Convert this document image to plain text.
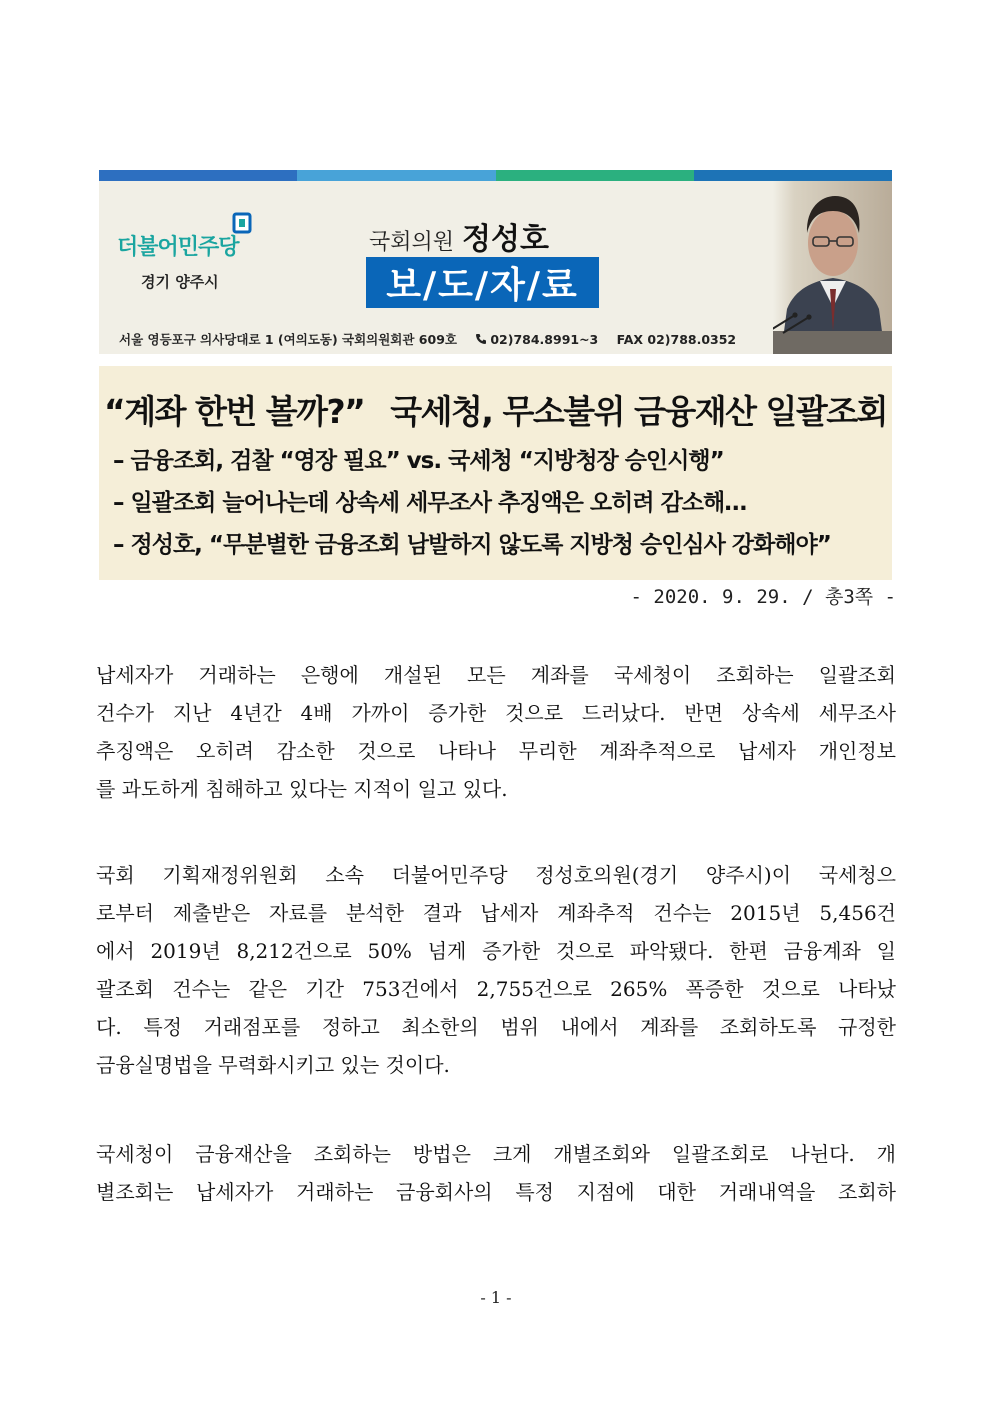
더불어민주당
경기 양주시
국회의원 정성호
보/도/자/료
서울 영등포구 의사당대로 1 (여의도동) 국회의원회관 609호	02)784.8991~3 FAX 02)788.0352
“계좌 한번 볼까?” 국세청, 무소불위 금융재산 일괄조회
– 금융조회, 검찰 “영장 필요” vs. 국세청 “지방청장 승인시행”
– 일괄조회 늘어나는데 상속세 세무조사 추징액은 오히려 감소해…
– 정성호, “무분별한 금융조회 남발하지 않도록 지방청 승인심사 강화해야”
- 2020. 9. 29. / 총3쪽 -

납세자가 거래하는 은행에 개설된 모든 계좌를 국세청이 조회하는 일괄조회
건수가 지난 4년간 4배 가까이 증가한 것으로 드러났다. 반면 상속세 세무조사
추징액은 오히려 감소한 것으로 나타나 무리한 계좌추적으로 납세자 개인정보
를 과도하게 침해하고 있다는 지적이 일고 있다.

국회 기획재정위원회 소속 더불어민주당 정성호의원(경기 양주시)이 국세청으
로부터 제출받은 자료를 분석한 결과 납세자 계좌추적 건수는 2015년 5,456건
에서 2019년 8,212건으로 50% 넘게 증가한 것으로 파악됐다. 한편 금융계좌 일
괄조회 건수는 같은 기간 753건에서 2,755건으로 265% 폭증한 것으로 나타났
다. 특정 거래점포를 정하고 최소한의 범위 내에서 계좌를 조회하도록 규정한
금융실명법을 무력화시키고 있는 것이다.

국세청이 금융재산을 조회하는 방법은 크게 개별조회와 일괄조회로 나뉜다. 개
별조회는 납세자가 거래하는 금융회사의 특정 지점에 대한 거래내역을 조회하

- 1 -
